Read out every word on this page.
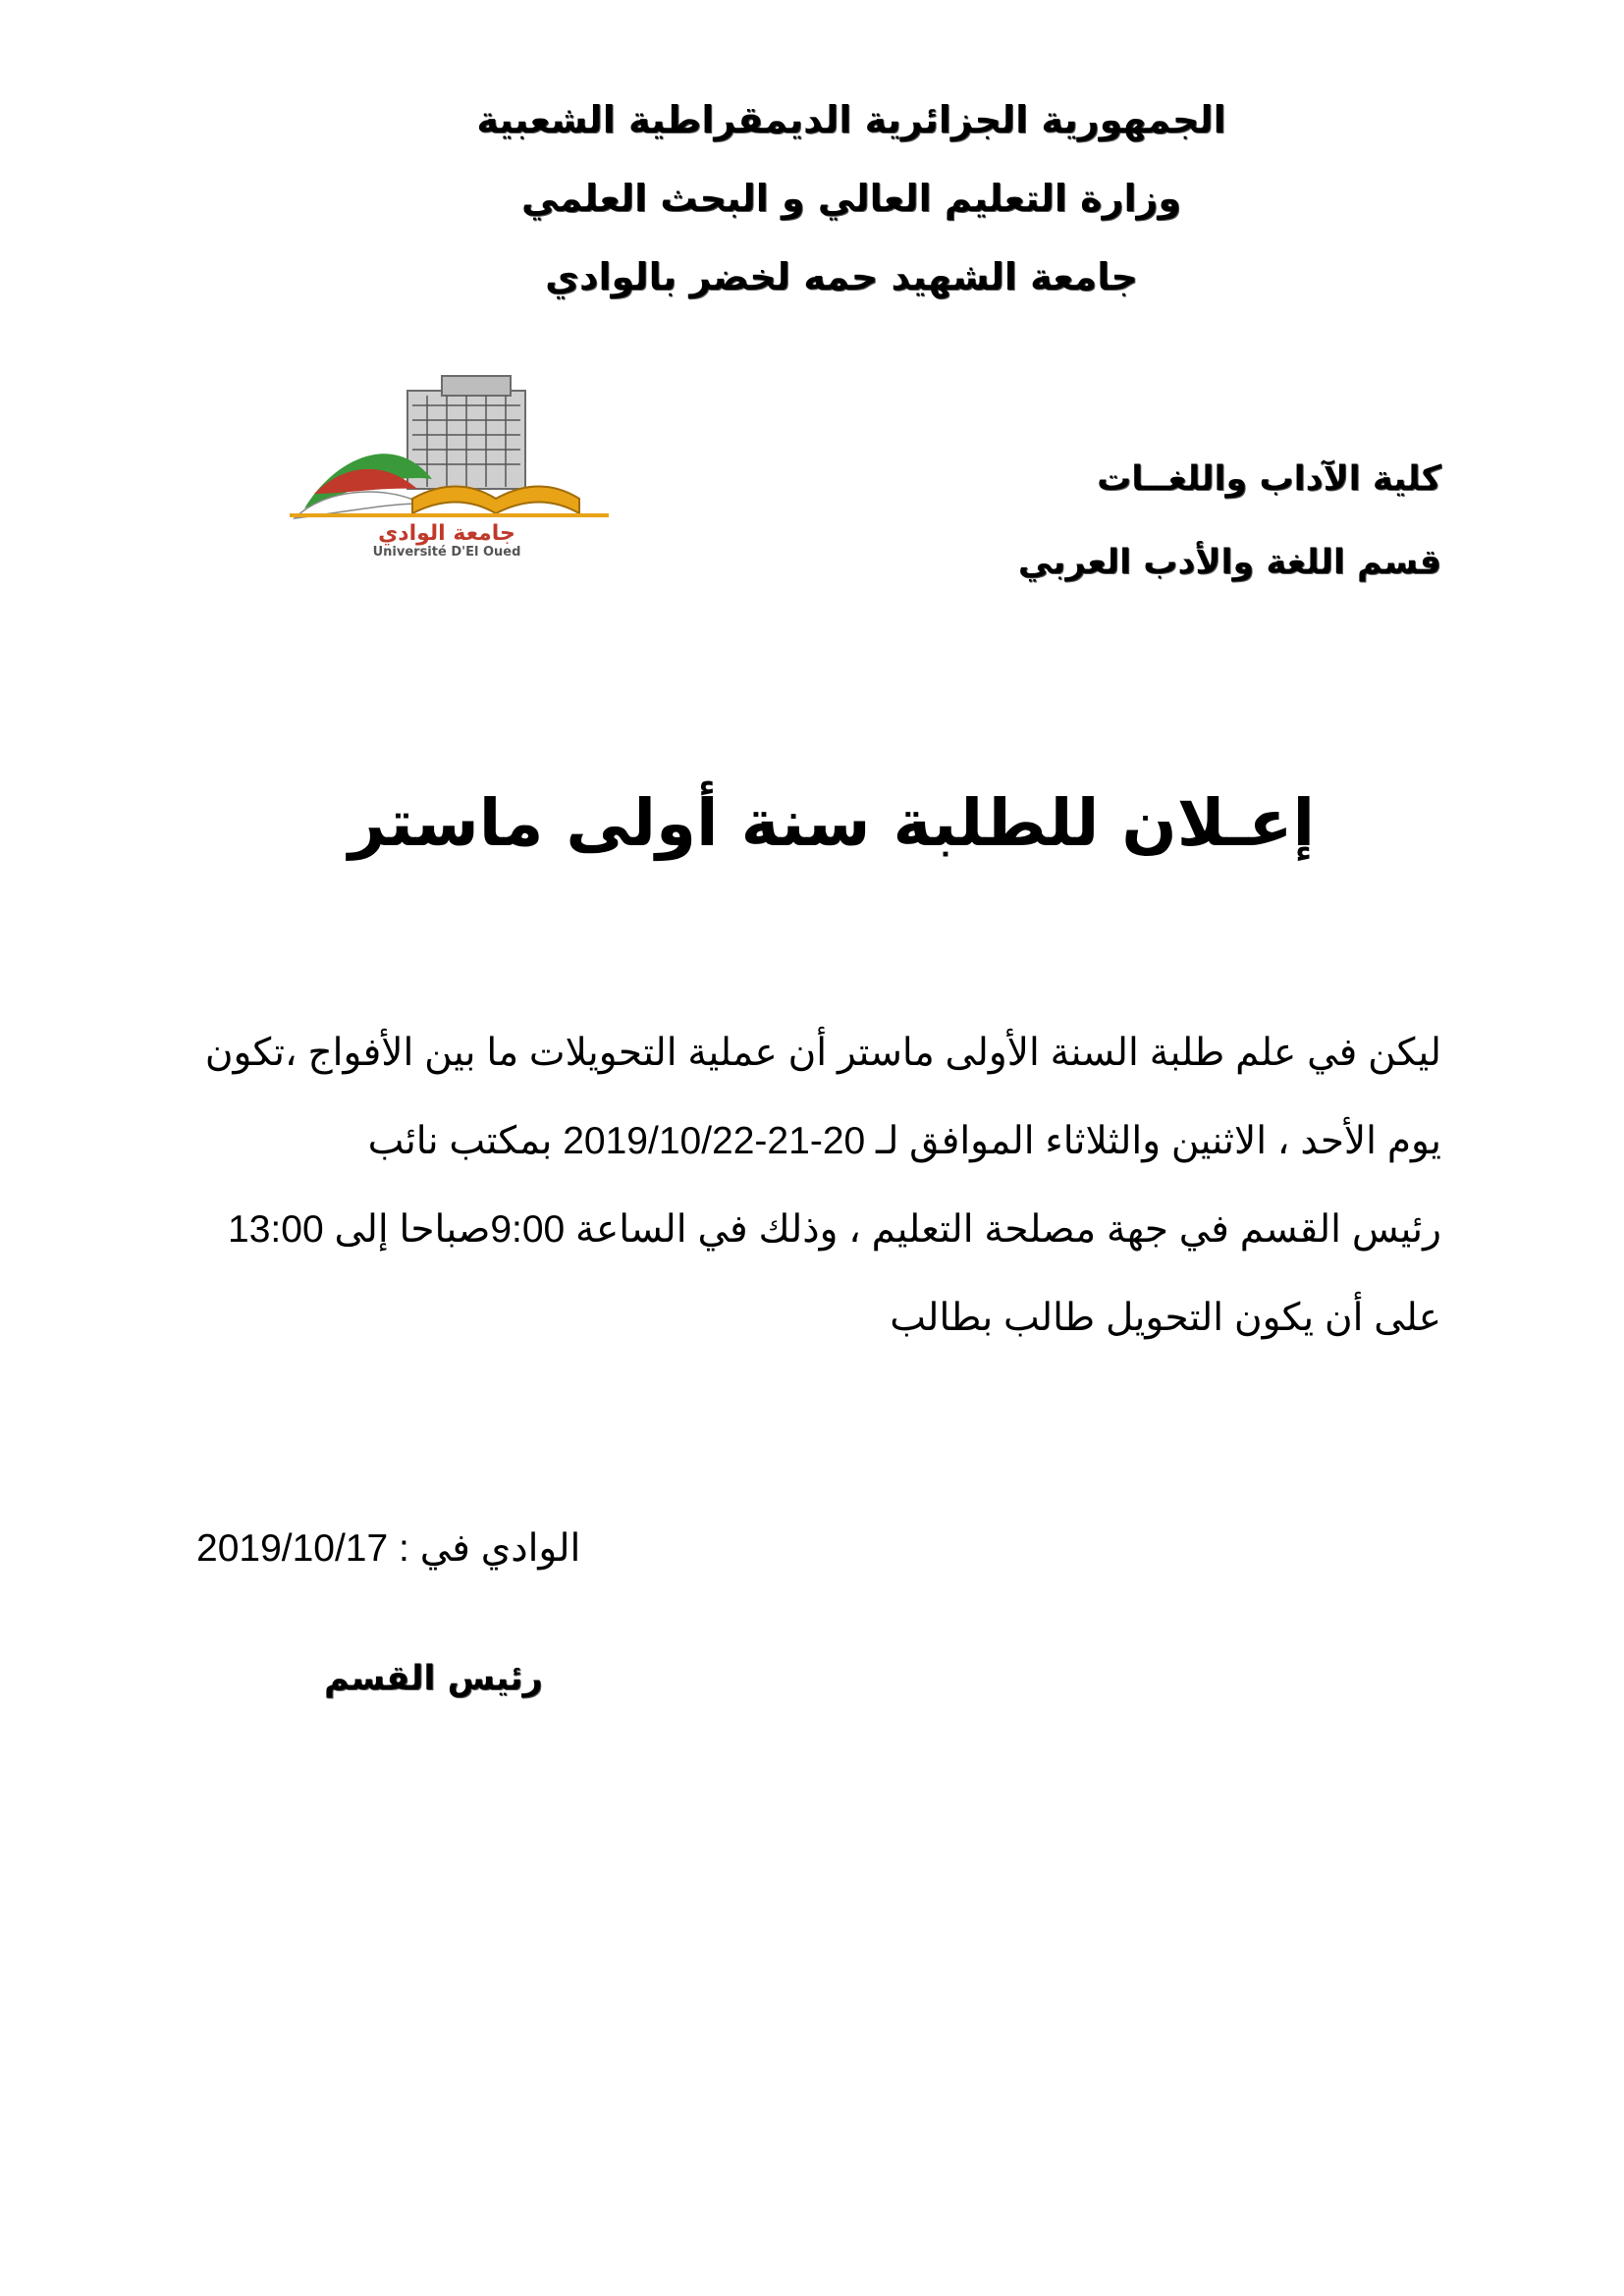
الجمهورية الجزائرية الديمقراطية الشعبية
وزارة التعليم العالي و البحث العلمي
جامعة الشهيد حمه لخضر بالوادي
كلية الآداب واللغــات
قسم اللغة والأدب العربي
جامعة الوادي
Université D'El Oued
إعـلان للطلبة سنة أولى ماستر
ليكن في علم طلبة السنة الأولى ماستر أن عملية التحويلات ما بين الأفواج ،تكون
يوم الأحد ، الاثنين والثلاثاء الموافق لـ 20-21-2019/10/22 بمكتب نائب
رئيس القسم في جهة مصلحة التعليم ، وذلك في الساعة 9:00صباحا إلى 13:00
على أن يكون التحويل طالب بطالب
الوادي في : 2019/10/17
رئيس القسم
